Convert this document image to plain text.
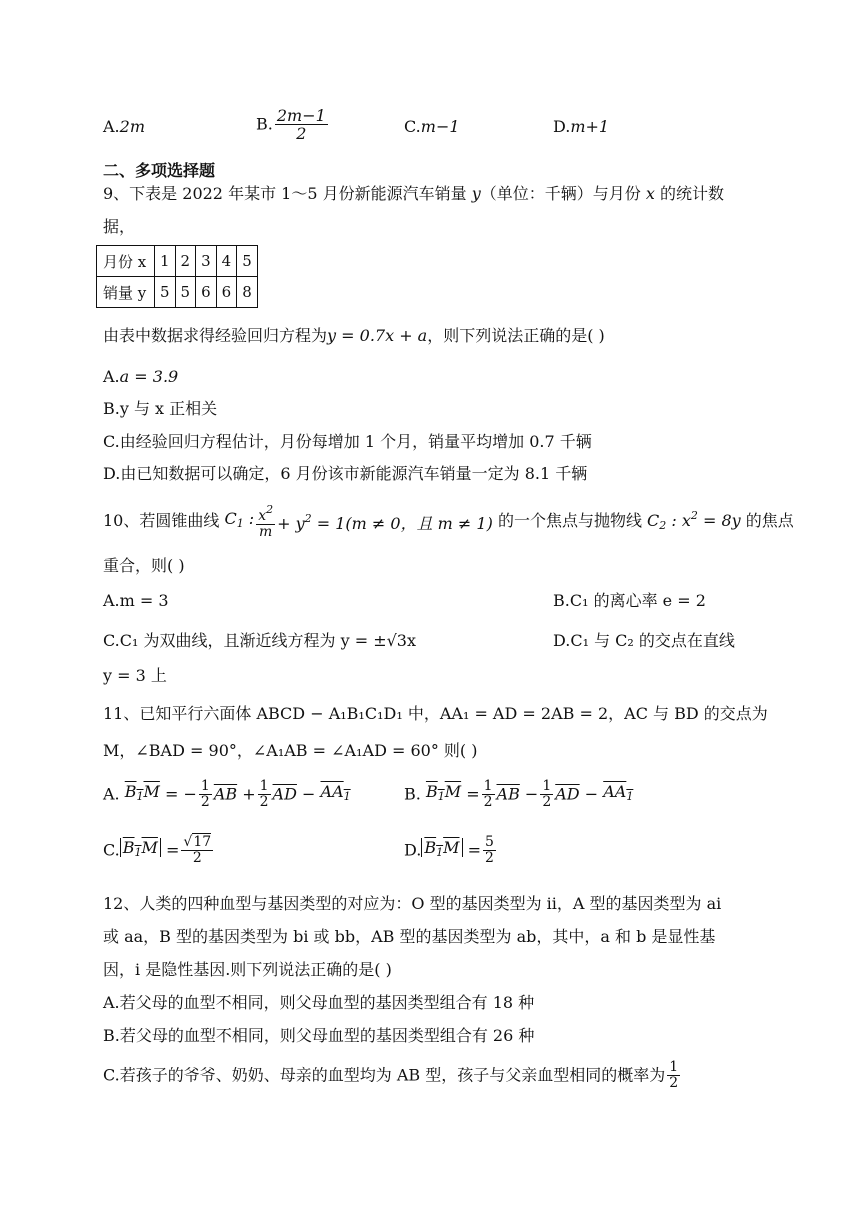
A.2m	B. $\frac{2m-1}{2}$	C.m−1	D.m+1
二、多项选择题
9、下表是 2022 年某市 1～5 月份新能源汽车销量 y（单位：千辆）与月份 x 的统计数
据，
月份 x	1	2	3	4	5
销量 y	5	5	6	6	8
由表中数据求得经验回归方程为y = 0.7x + a，则下列说法正确的是( )
A.a = 3.9
B.y 与 x 正相关
C.由经验回归方程估计，月份每增加 1 个月，销量平均增加 0.7 千辆
D.由已知数据可以确定，6 月份该市新能源汽车销量一定为 8.1 千辆
10、若圆锥曲线 $C_1$ : $\frac{x^2}{m} + y^2 = 1(m \ne 0$，且 m ≠ 1) 的一个焦点与抛物线 $C_2$ : $x^2 = 8y$ 的焦点
重合，则( )
A.m = 3	B.C₁ 的离心率 e = 2
C.C₁ 为双曲线，且渐近线方程为 y = ±√3x	D.C₁ 与 C₂ 的交点在直线
y = 3 上
11、已知平行六面体 ABCD − A₁B₁C₁D₁ 中，AA₁ = AD = 2AB = 2，AC 与 BD 的交点为
M，∠BAD = 90°，∠A₁AB = ∠A₁AD = 60° 则( )
A. $B_1M$ = − $\frac{1}{2} \overline{AB} + \frac{1}{2} \overline{AD} - AA_1$	B. $B_1M = \frac{1}{2} \overline{AB} - \frac{1}{2} \overline{AD} - AA_1$
C. $B_1M = \frac{√17}{2}$	D. $B_1M = \frac{5}{2}$
12、人类的四种血型与基因类型的对应为：O 型的基因类型为 ii，A 型的基因类型为 ai
或 aa，B 型的基因类型为 bi 或 bb，AB 型的基因类型为 ab，其中，a 和 b 是显性基
因，i 是隐性基因.则下列说法正确的是( )
A.若父母的血型不相同，则父母血型的基因类型组合有 18 种
B.若父母的血型不相同，则父母血型的基因类型组合有 26 种
C.若孩子的爷爷、奶奶、母亲的血型均为 AB 型，孩子与父亲血型相同的概率为 $\frac{1}{2}$
